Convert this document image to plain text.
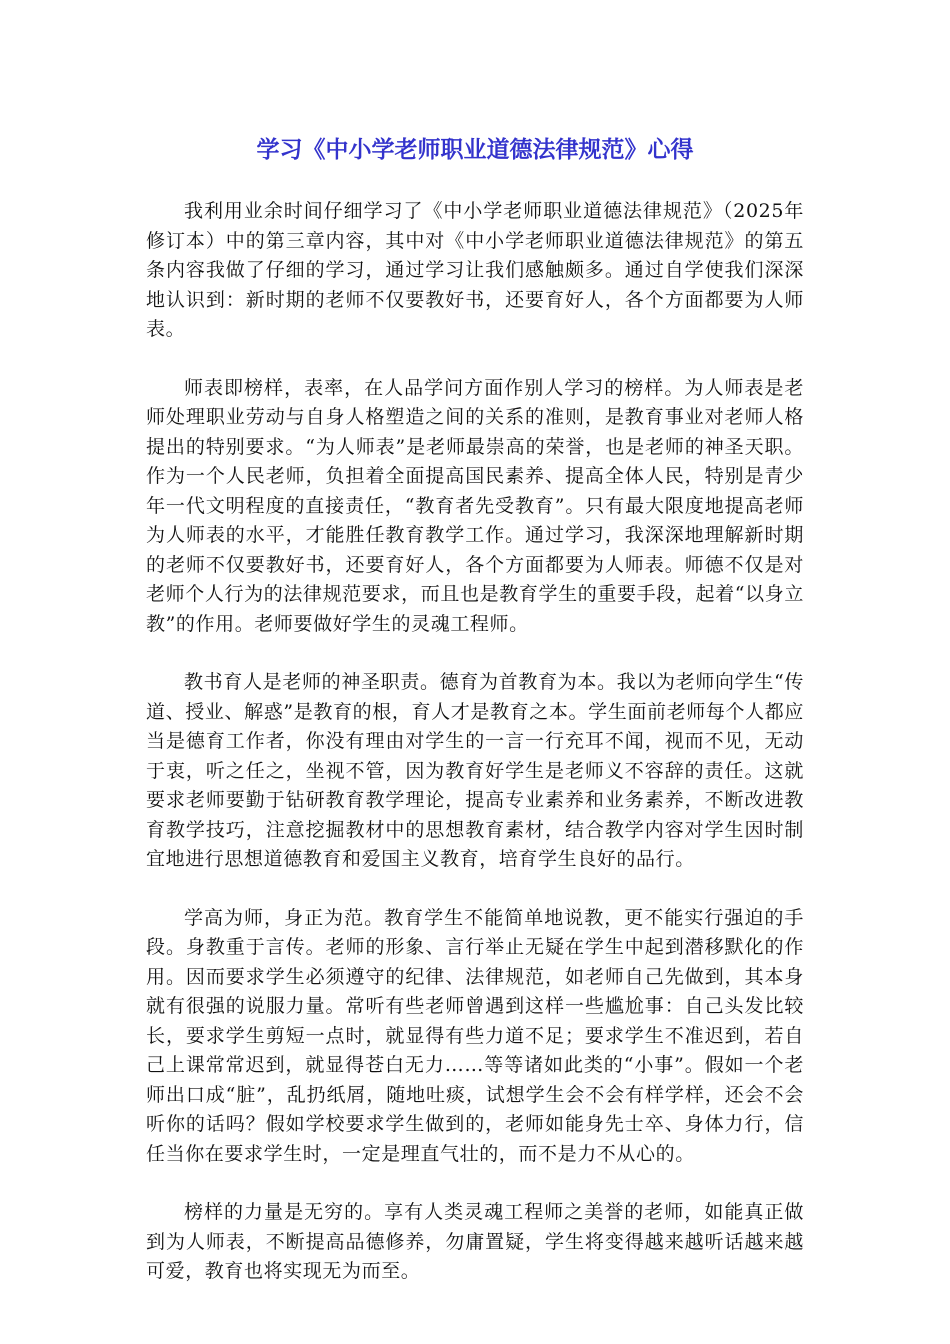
学习《中小学老师职业道德法律规范》心得

我利用业余时间仔细学习了《中小学老师职业道德法律规范》（2025年修订本）中的第三章内容，其中对《中小学老师职业道德法律规范》的第五条内容我做了仔细的学习，通过学习让我们感触颇多。通过自学使我们深深地认识到：新时期的老师不仅要教好书，还要育好人，各个方面都要为人师表。

师表即榜样，表率，在人品学问方面作别人学习的榜样。为人师表是老师处理职业劳动与自身人格塑造之间的关系的准则，是教育事业对老师人格提出的特别要求。“为人师表”是老师最崇高的荣誉，也是老师的神圣天职。作为一个人民老师，负担着全面提高国民素养、提高全体人民，特别是青少年一代文明程度的直接责任，“教育者先受教育”。只有最大限度地提高老师为人师表的水平，才能胜任教育教学工作。通过学习，我深深地理解新时期的老师不仅要教好书，还要育好人，各个方面都要为人师表。师德不仅是对老师个人行为的法律规范要求，而且也是教育学生的重要手段，起着“以身立教”的作用。老师要做好学生的灵魂工程师。

教书育人是老师的神圣职责。德育为首教育为本。我以为老师向学生“传道、授业、解惑”是教育的根，育人才是教育之本。学生面前老师每个人都应当是德育工作者，你没有理由对学生的一言一行充耳不闻，视而不见，无动于衷，听之任之，坐视不管，因为教育好学生是老师义不容辞的责任。这就要求老师要勤于钻研教育教学理论，提高专业素养和业务素养，不断改进教育教学技巧，注意挖掘教材中的思想教育素材，结合教学内容对学生因时制宜地进行思想道德教育和爱国主义教育，培育学生良好的品行。

学高为师，身正为范。教育学生不能简单地说教，更不能实行强迫的手段。身教重于言传。老师的形象、言行举止无疑在学生中起到潜移默化的作用。因而要求学生必须遵守的纪律、法律规范，如老师自己先做到，其本身就有很强的说服力量。常听有些老师曾遇到这样一些尴尬事：自己头发比较长，要求学生剪短一点时，就显得有些力道不足；要求学生不准迟到，若自己上课常常迟到，就显得苍白无力……等等诸如此类的“小事”。假如一个老师出口成“脏”，乱扔纸屑，随地吐痰，试想学生会不会有样学样，还会不会听你的话吗？假如学校要求学生做到的，老师如能身先士卒、身体力行，信任当你在要求学生时，一定是理直气壮的，而不是力不从心的。

榜样的力量是无穷的。享有人类灵魂工程师之美誉的老师，如能真正做到为人师表，不断提高品德修养，勿庸置疑，学生将变得越来越听话越来越可爱，教育也将实现无为而至。
